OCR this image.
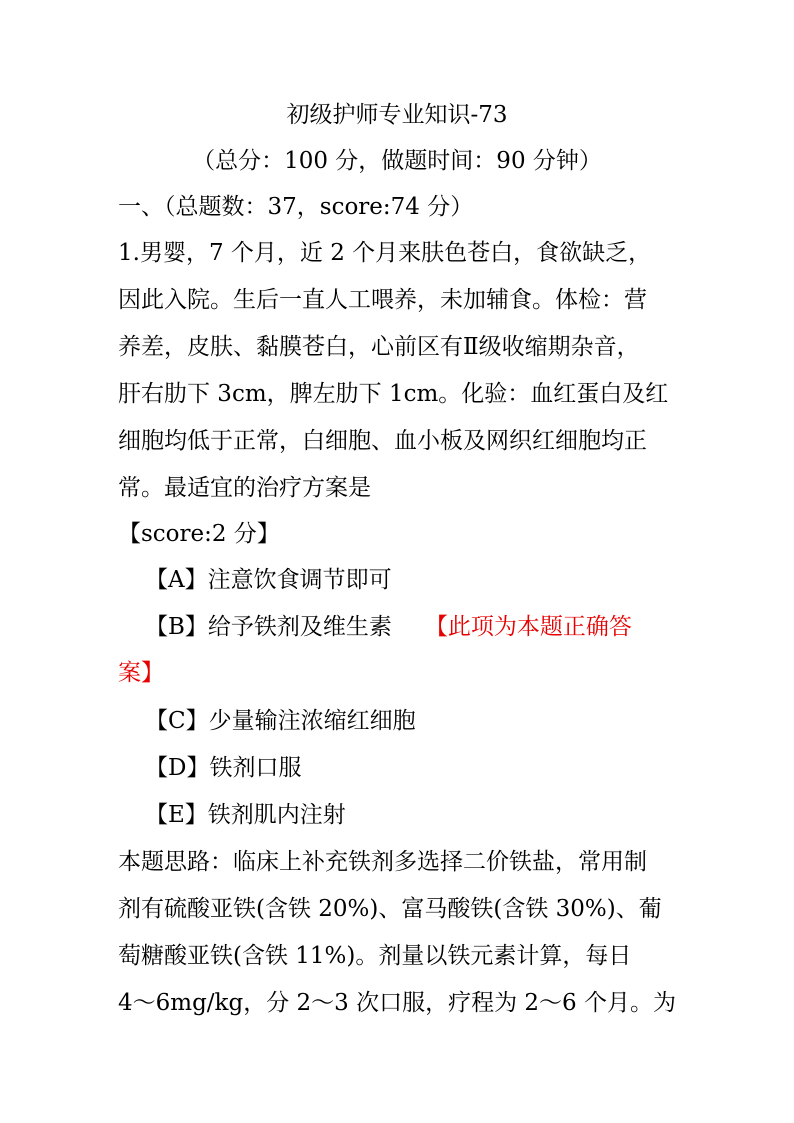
初级护师专业知识-73
（总分：100 分，做题时间：90 分钟）
一、（总题数：37，score:74 分）
1.男婴，7 个月，近 2 个月来肤色苍白，食欲缺乏，
因此入院。生后一直人工喂养，未加辅食。体检：营
养差，皮肤、黏膜苍白，心前区有Ⅱ级收缩期杂音，
肝右肋下 3cm，脾左肋下 1cm。化验：血红蛋白及红
细胞均低于正常，白细胞、血小板及网织红细胞均正
常。最适宜的治疗方案是
【score:2 分】
【A】注意饮食调节即可
【B】给予铁剂及维生素 【此项为本题正确答
案】
【C】少量输注浓缩红细胞
【D】铁剂口服
【E】铁剂肌内注射
本题思路：临床上补充铁剂多选择二价铁盐，常用制
剂有硫酸亚铁(含铁 20%)、富马酸铁(含铁 30%)、葡
萄糖酸亚铁(含铁 11%)。剂量以铁元素计算，每日
4～6mg/kg，分 2～3 次口服，疗程为 2～6 个月。为
